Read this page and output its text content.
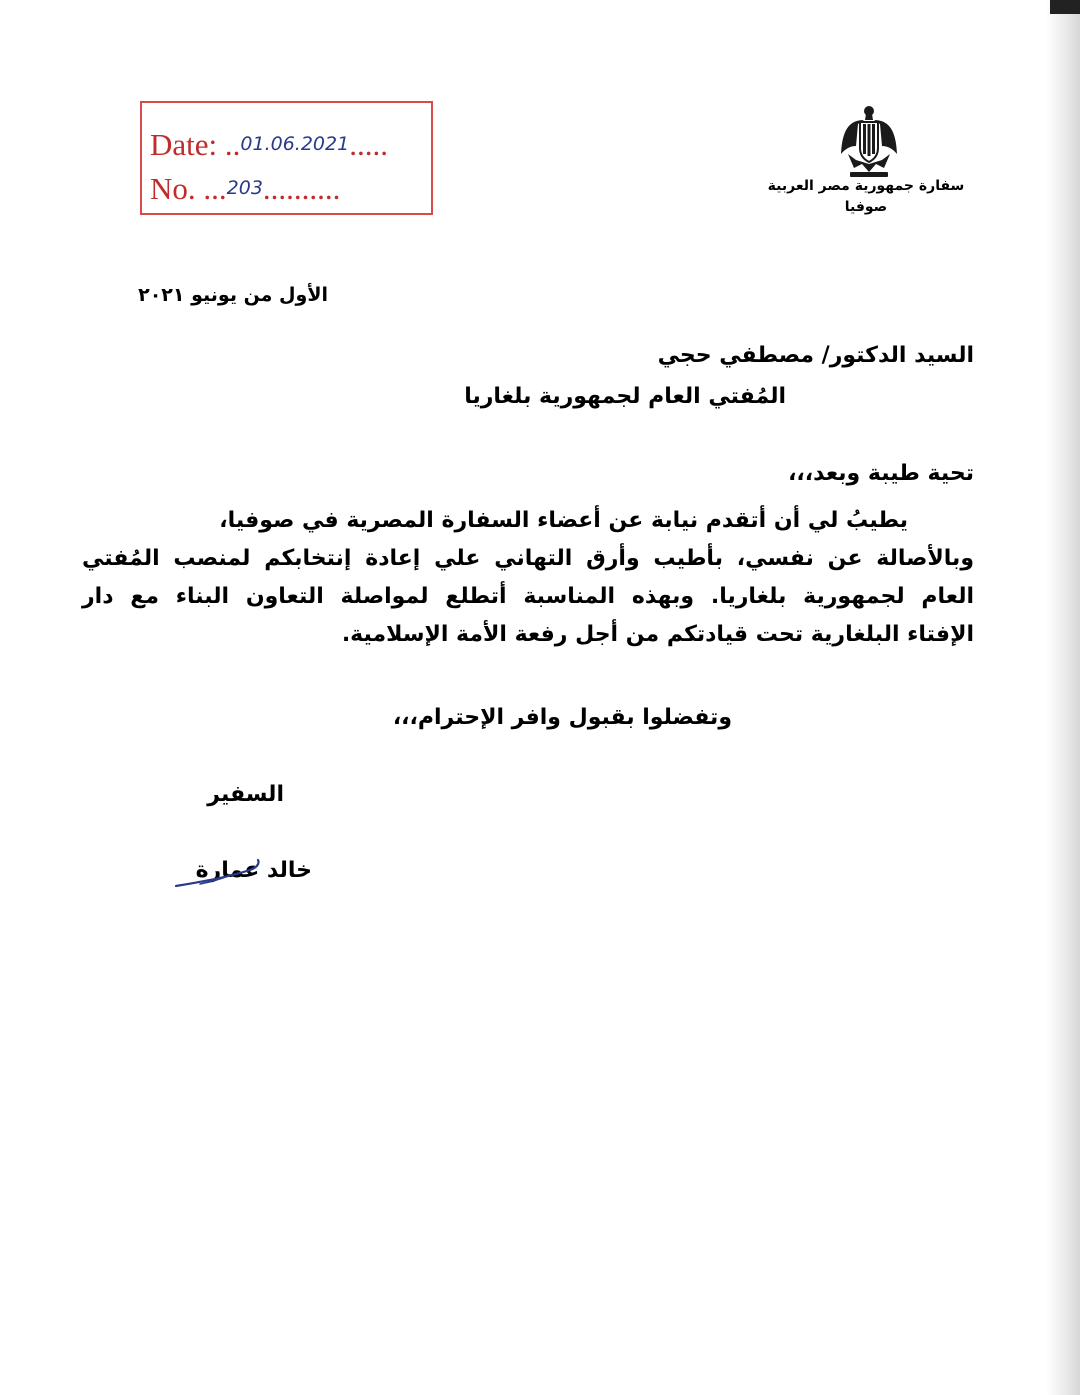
Date: ..01.06.2021.....
No. ...203..........	سفارة جمهورية مصر العربية
صوفيا
الأول من يونيو ٢٠٢١
السيد الدكتور/ مصطفي حجي
المُفتي العام لجمهورية بلغاريا
تحية طيبة وبعد،،،
يطيبُ لي أن أتقدم نيابة عن أعضاء السفارة المصرية في صوفيا،
وبالأصالة عن نفسي، بأطيب وأرق التهاني علي إعادة إنتخابكم لمنصب المُفتي
العام لجمهورية بلغاريا. وبهذه المناسبة أتطلع لمواصلة التعاون البناء مع دار
الإفتاء البلغارية تحت قيادتكم من أجل رفعة الأمة الإسلامية.
وتفضلوا بقبول وافر الإحترام،،،
السفير
خالد عمارة
